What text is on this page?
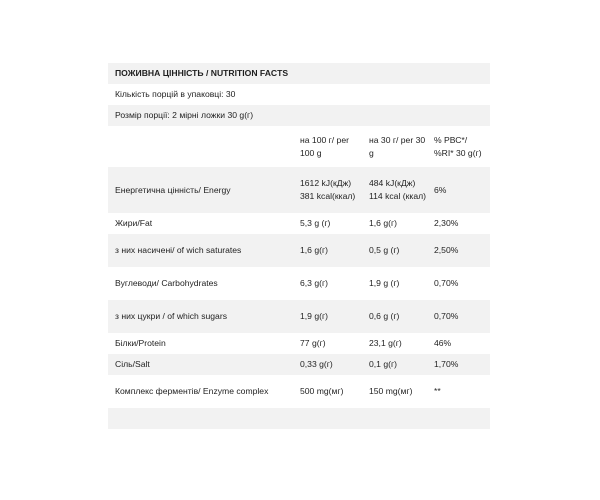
ПОЖИВНА ЦІННІСТЬ / NUTRITION FACTS			
Кількість порцій в упаковці: 30			
Розмір порції: 2 мірні ложки 30 g(г)			
	на 100 г/ per 100 g	на 30 г/ per 30 g	% РВС*/ %RI* 30 g(г)
Енергетична цінність/ Energy	1612 kJ(кДж) 381 kcal(ккал)	484 kJ(кДж) 114 kcal (ккал)	6%
Жири/Fat	5,3 g (г)	1,6 g(г)	2,30%
з них насичені/ of wich saturates	1,6 g(г)	0,5 g (г)	2,50%
Вуглеводи/ Carbohydrates	6,3 g(г)	1,9 g (г)	0,70%
з них цукри / of which sugars	1,9 g(г)	0,6 g (г)	0,70%
Білки/Protein	77 g(г)	23,1 g(г)	46%
Сіль/Salt	0,33 g(г)	0,1 g(г)	1,70%
Комплекс ферментів/ Enzyme complex	500 mg(мг)	150 mg(мг)	**
